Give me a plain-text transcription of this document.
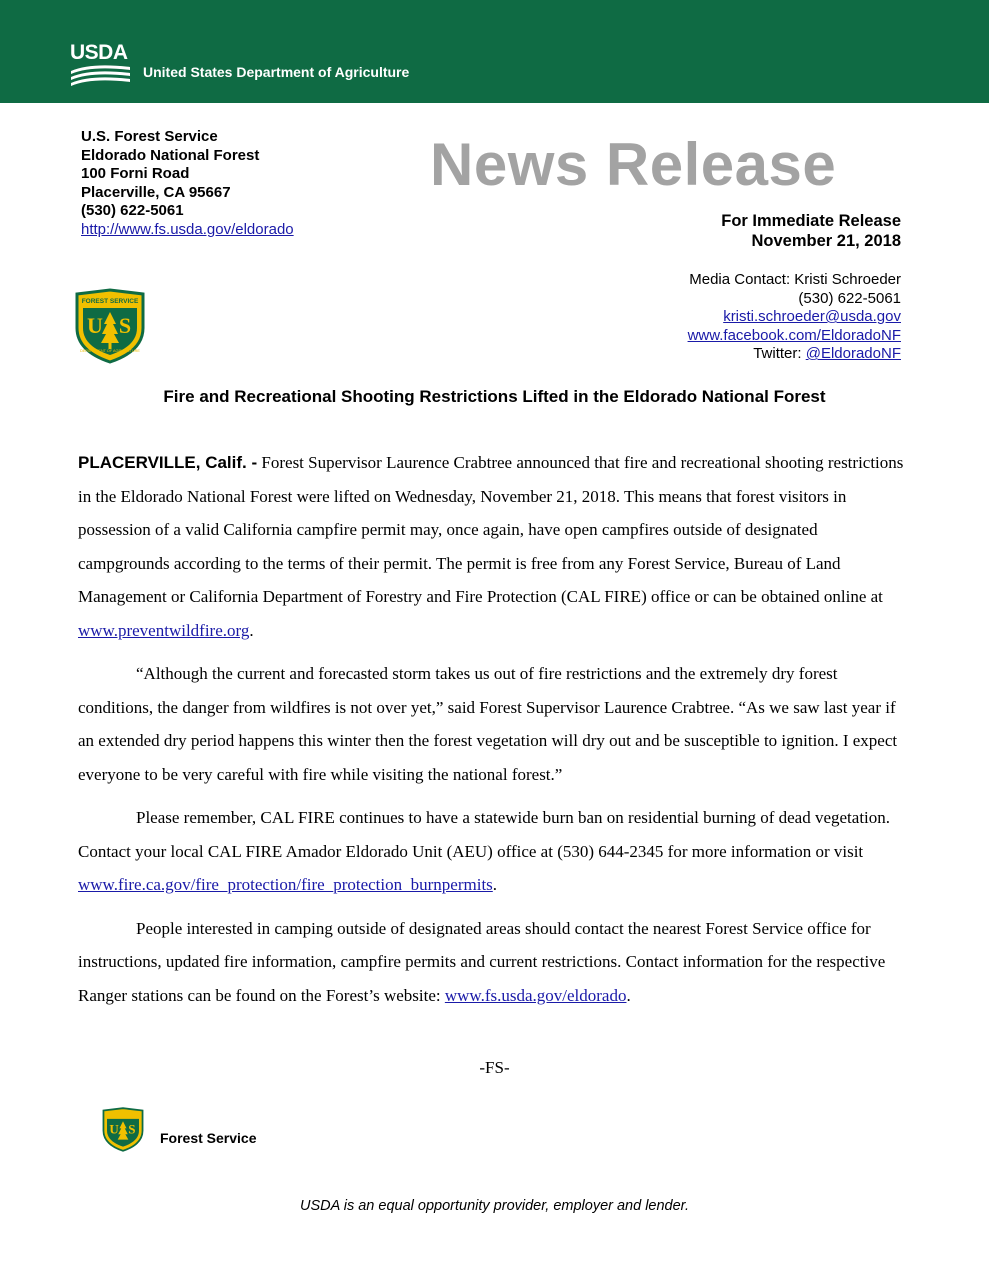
USDA
United States Department of Agriculture
U.S. Forest Service
Eldorado National Forest
100 Forni Road
Placerville, CA 95667
(530) 622-5061
http://www.fs.usda.gov/eldorado
News Release
For Immediate Release
November 21, 2018
Media Contact: Kristi Schroeder
(530) 622-5061
kristi.schroeder@usda.gov
www.facebook.com/EldoradoNF
Twitter: @EldoradoNF
FOREST SERVICE
U S
DEPARTMENT OF AGRICULTURE
Fire and Recreational Shooting Restrictions Lifted in the Eldorado National Forest

PLACERVILLE, Calif. - Forest Supervisor Laurence Crabtree announced that fire and recreational shooting restrictions in the Eldorado National Forest were lifted on Wednesday, November 21, 2018. This means that forest visitors in possession of a valid California campfire permit may, once again, have open campfires outside of designated campgrounds according to the terms of their permit. The permit is free from any Forest Service, Bureau of Land Management or California Department of Forestry and Fire Protection (CAL FIRE) office or can be obtained online at www.preventwildfire.org.

“Although the current and forecasted storm takes us out of fire restrictions and the extremely dry forest conditions, the danger from wildfires is not over yet,” said Forest Supervisor Laurence Crabtree. “As we saw last year if an extended dry period happens this winter then the forest vegetation will dry out and be susceptible to ignition. I expect everyone to be very careful with fire while visiting the national forest.”

Please remember, CAL FIRE continues to have a statewide burn ban on residential burning of dead vegetation. Contact your local CAL FIRE Amador Eldorado Unit (AEU) office at (530) 644-2345 for more information or visit www.fire.ca.gov/fire_protection/fire_protection_burnpermits.

People interested in camping outside of designated areas should contact the nearest Forest Service office for instructions, updated fire information, campfire permits and current restrictions. Contact information for the respective Ranger stations can be found on the Forest’s website: www.fs.usda.gov/eldorado.

-FS-
U S
Forest Service
USDA is an equal opportunity provider, employer and lender.
